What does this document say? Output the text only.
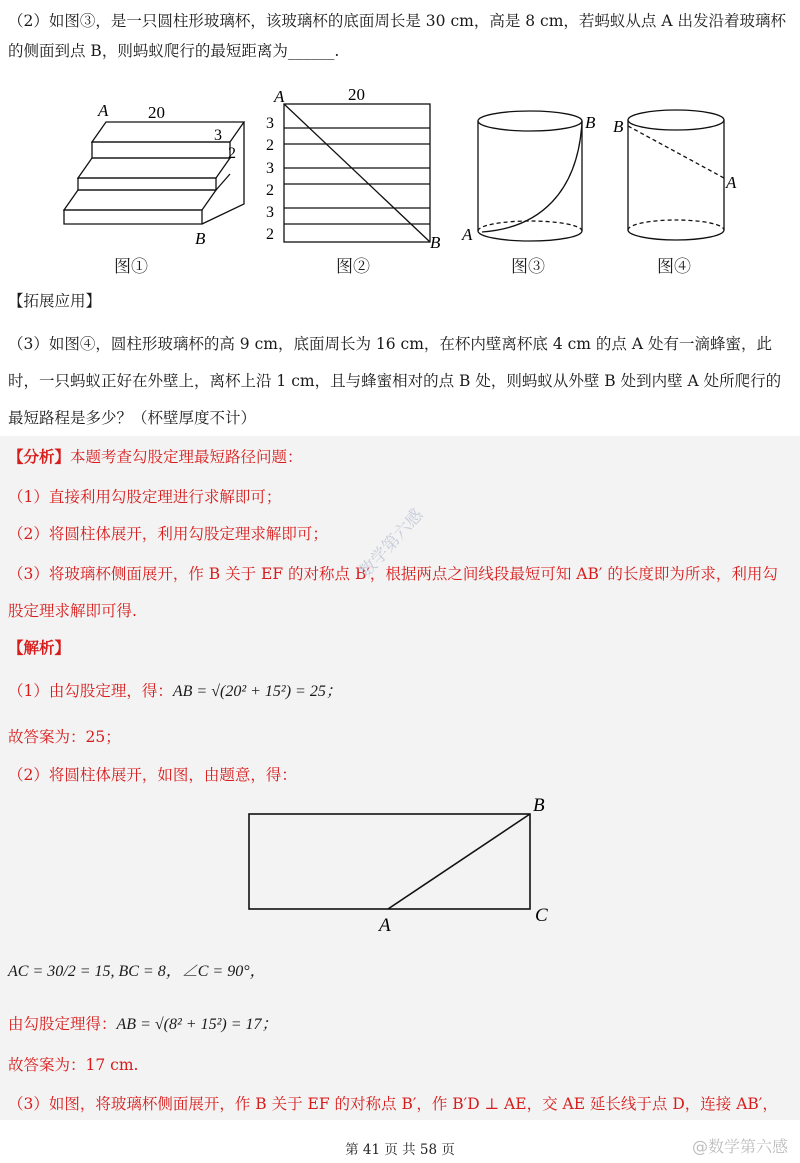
（2）如图③，是一只圆柱形玻璃杯，该玻璃杯的底面周长是 30 cm，高是 8 cm，若蚂蚁从点 A 出发沿着玻璃杯的侧面到点 B，则蚂蚁爬行的最短距离为______.

A 20
3
2
B
A	20
3
2
3
2
3
2	B A
B B
A
图①	图②	图③	图④

【拓展应用】

（3）如图④，圆柱形玻璃杯的高 9 cm，底面周长为 16 cm，在杯内壁离杯底 4 cm 的点 A 处有一滴蜂蜜，此时，一只蚂蚁正好在外壁上，离杯上沿 1 cm，且与蜂蜜相对的点 B 处，则蚂蚁从外壁 B 处到内壁 A 处所爬行的最短路程是多少？（杯壁厚度不计）

【分析】本题考查勾股定理最短路径问题：

（1）直接利用勾股定理进行求解即可；

（2）将圆柱体展开，利用勾股定理求解即可；

（3）将玻璃杯侧面展开，作 B 关于 EF 的对称点 B′，根据两点之间线段最短可知 AB′ 的长度即为所求，利用勾股定理求解即可得.

数学第六感

【解析】

（1）由勾股定理，得：AB = √(20² + 15²) = 25；

故答案为：25；

（2）将圆柱体展开，如图，由题意，得：

B
A	C
AC = 30/2 = 15, BC = 8，∠C = 90°，

由勾股定理得：AB = √(8² + 15²) = 17；

故答案为：17 cm.

（3）如图，将玻璃杯侧面展开，作 B 关于 EF 的对称点 B′，作 B′D ⊥ AE，交 AE 延长线于点 D，连接 AB′，

第 41 页 共 58 页	@数学第六感
